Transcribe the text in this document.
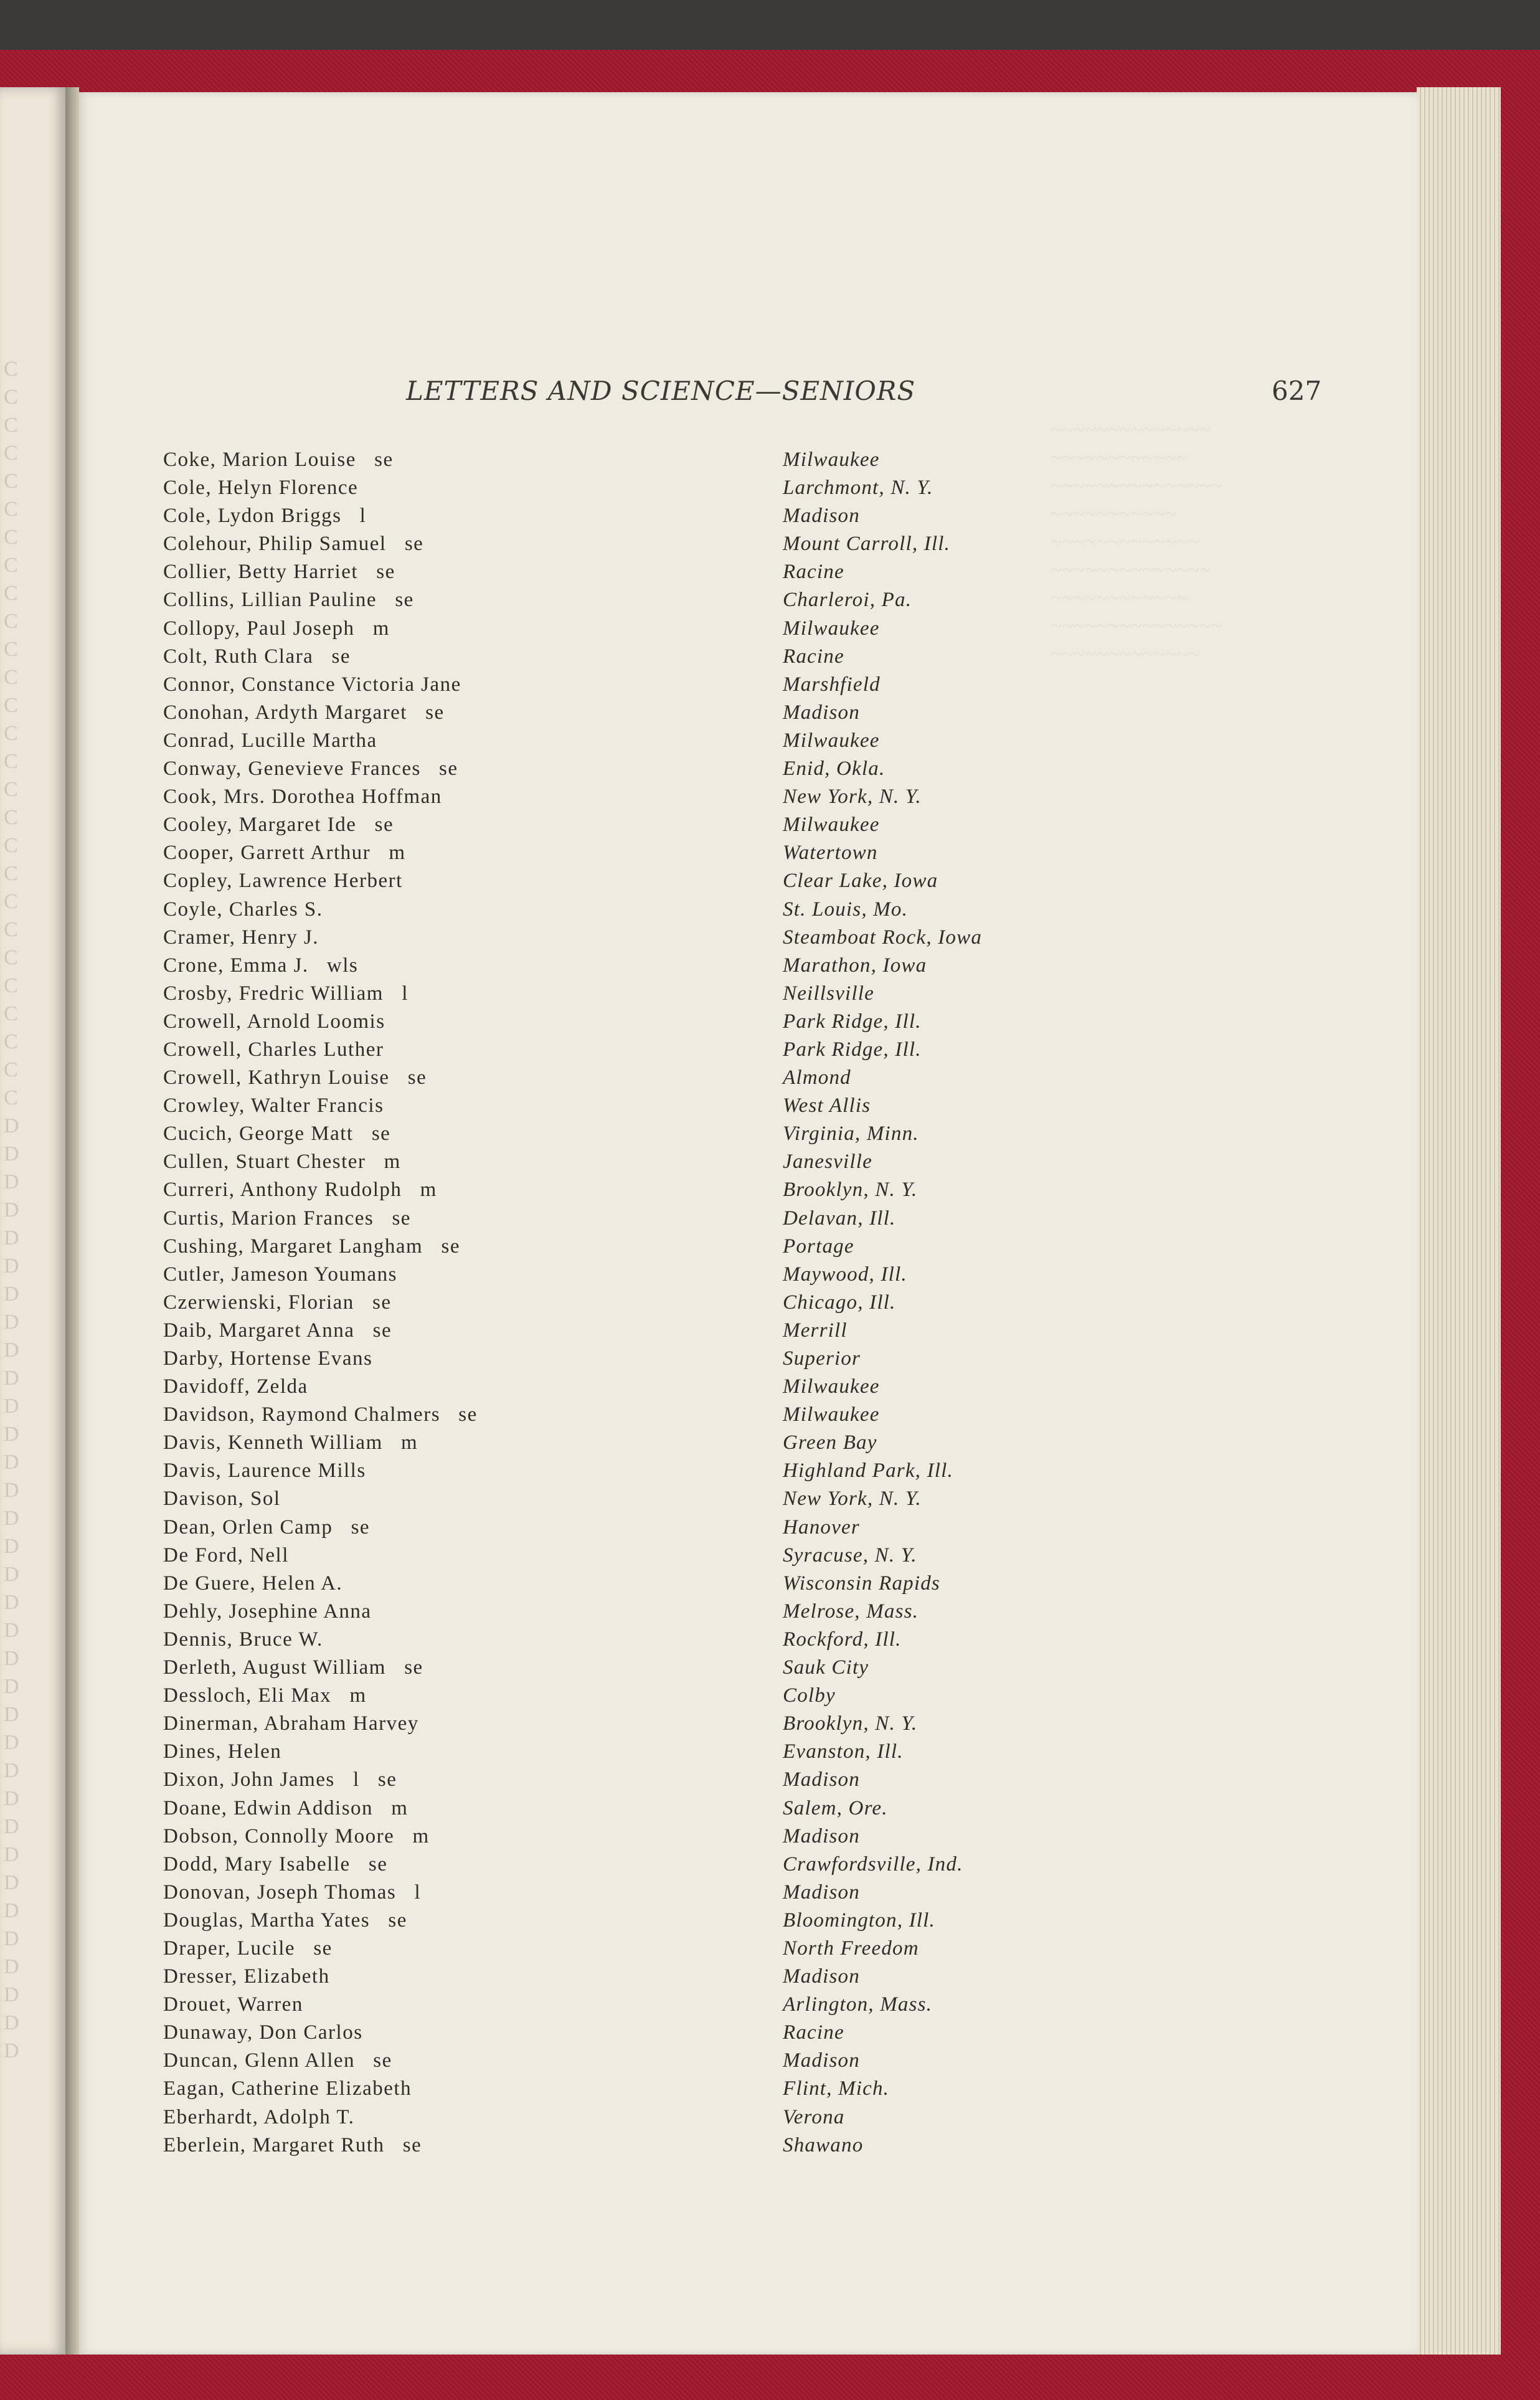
C
C
C
C
C
C
C
C
C
C
C
C
C
C
C
C
C
C
C
C
C
C
C
C
C
C
C
D
D
D
D
D
D
D
D
D
D
D
D
D
D
D
D
D
D
D
D
D
D
D
D
D
D
D
D
D
D
D
D
D
D
~~~~~~~~~~~~~~
~~~~~~~~~~~~
~~~~~~~~~~~~~~~
~~~~~~~~~~~
~~~~~~~~~~~~~
~~~~~~~~~~~~~~
~~~~~~~~~~~~
~~~~~~~~~~~~~~~
~~~~~~~~~~~~~
LETTERS AND SCIENCE—SENIORS	627
Coke, Marion Louise   se	Milwaukee
Cole, Helyn Florence	Larchmont, N. Y.
Cole, Lydon Briggs   l	Madison
Colehour, Philip Samuel   se	Mount Carroll, Ill.
Collier, Betty Harriet   se	Racine
Collins, Lillian Pauline   se	Charleroi, Pa.
Collopy, Paul Joseph   m	Milwaukee
Colt, Ruth Clara   se	Racine
Connor, Constance Victoria Jane	Marshfield
Conohan, Ardyth Margaret   se	Madison
Conrad, Lucille Martha	Milwaukee
Conway, Genevieve Frances   se	Enid, Okla.
Cook, Mrs. Dorothea Hoffman	New York, N. Y.
Cooley, Margaret Ide   se	Milwaukee
Cooper, Garrett Arthur   m	Watertown
Copley, Lawrence Herbert	Clear Lake, Iowa
Coyle, Charles S.	St. Louis, Mo.
Cramer, Henry J.	Steamboat Rock, Iowa
Crone, Emma J.   wls	Marathon, Iowa
Crosby, Fredric William   l	Neillsville
Crowell, Arnold Loomis	Park Ridge, Ill.
Crowell, Charles Luther	Park Ridge, Ill.
Crowell, Kathryn Louise   se	Almond
Crowley, Walter Francis	West Allis
Cucich, George Matt   se	Virginia, Minn.
Cullen, Stuart Chester   m	Janesville
Curreri, Anthony Rudolph   m	Brooklyn, N. Y.
Curtis, Marion Frances   se	Delavan, Ill.
Cushing, Margaret Langham   se	Portage
Cutler, Jameson Youmans	Maywood, Ill.
Czerwienski, Florian   se	Chicago, Ill.
Daib, Margaret Anna   se	Merrill
Darby, Hortense Evans	Superior
Davidoff, Zelda	Milwaukee
Davidson, Raymond Chalmers   se	Milwaukee
Davis, Kenneth William   m	Green Bay
Davis, Laurence Mills	Highland Park, Ill.
Davison, Sol	New York, N. Y.
Dean, Orlen Camp   se	Hanover
De Ford, Nell	Syracuse, N. Y.
De Guere, Helen A.	Wisconsin Rapids
Dehly, Josephine Anna	Melrose, Mass.
Dennis, Bruce W.	Rockford, Ill.
Derleth, August William   se	Sauk City
Dessloch, Eli Max   m	Colby
Dinerman, Abraham Harvey	Brooklyn, N. Y.
Dines, Helen	Evanston, Ill.
Dixon, John James   l   se	Madison
Doane, Edwin Addison   m	Salem, Ore.
Dobson, Connolly Moore   m	Madison
Dodd, Mary Isabelle   se	Crawfordsville, Ind.
Donovan, Joseph Thomas   l	Madison
Douglas, Martha Yates   se	Bloomington, Ill.
Draper, Lucile   se	North Freedom
Dresser, Elizabeth	Madison
Drouet, Warren	Arlington, Mass.
Dunaway, Don Carlos	Racine
Duncan, Glenn Allen   se	Madison
Eagan, Catherine Elizabeth	Flint, Mich.
Eberhardt, Adolph T.	Verona
Eberlein, Margaret Ruth   se	Shawano
